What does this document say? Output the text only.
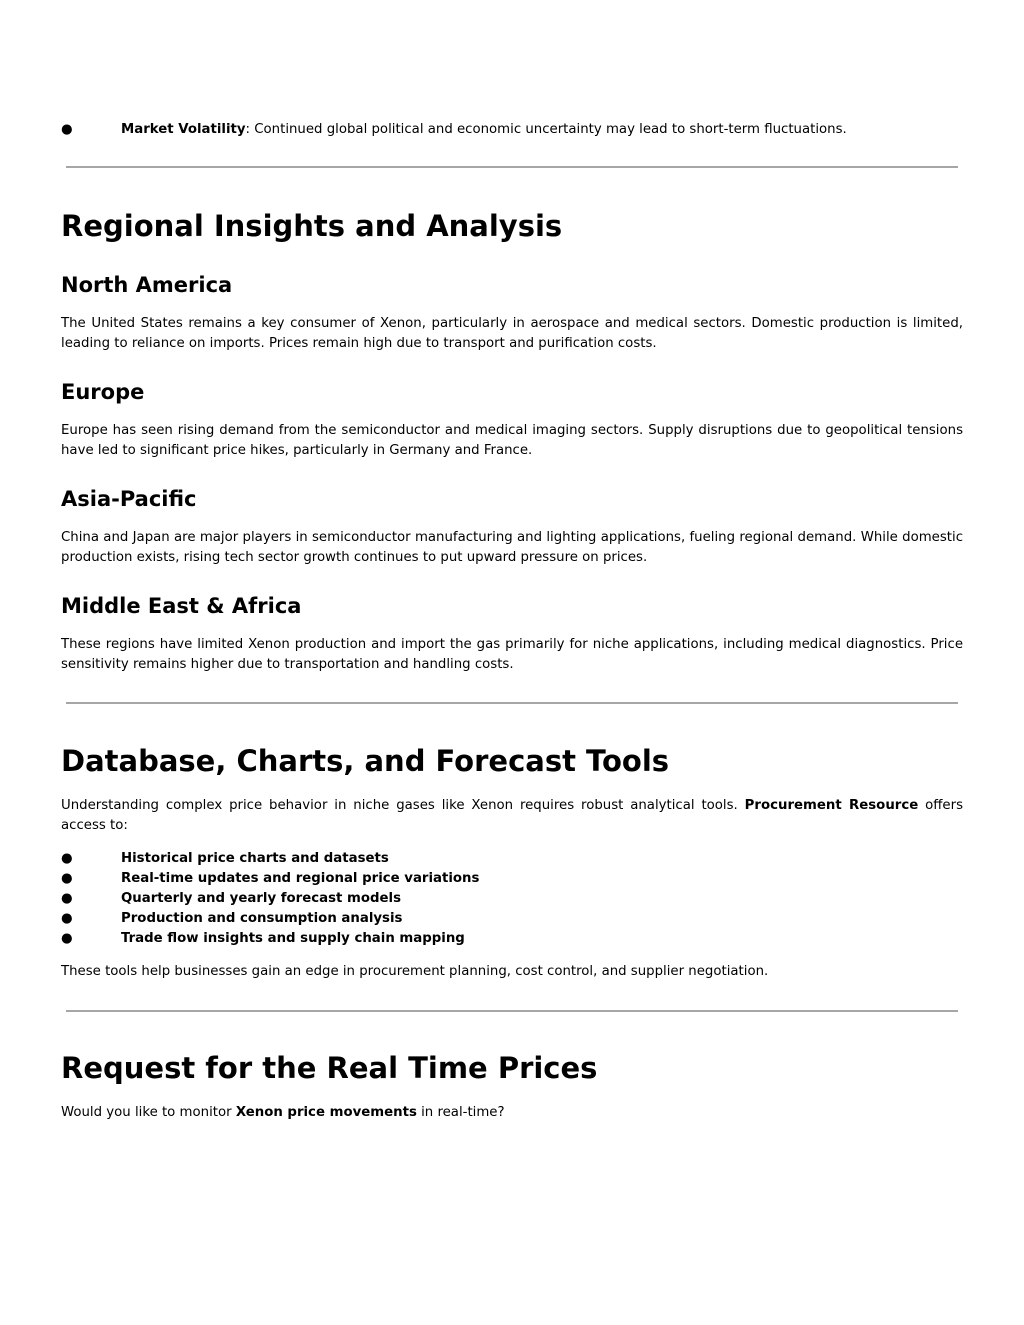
●	Market Volatility: Continued global political and economic uncertainty may lead to short-term fluctuations.
Regional Insights and Analysis
North America

The United States remains a key consumer of Xenon, particularly in aerospace and medical sectors. Domestic production is limited, leading to reliance on imports. Prices remain high due to transport and purification costs.

Europe

Europe has seen rising demand from the semiconductor and medical imaging sectors. Supply disruptions due to geopolitical tensions have led to significant price hikes, particularly in Germany and France.

Asia-Pacific

China and Japan are major players in semiconductor manufacturing and lighting applications, fueling regional demand. While domestic production exists, rising tech sector growth continues to put upward pressure on prices.

Middle East & Africa

These regions have limited Xenon production and import the gas primarily for niche applications, including medical diagnostics. Price sensitivity remains higher due to transportation and handling costs.

Database, Charts, and Forecast Tools

Understanding complex price behavior in niche gases like Xenon requires robust analytical tools. Procurement Resource offers access to:

●	Historical price charts and datasets
●	Real-time updates and regional price variations
●	Quarterly and yearly forecast models
●	Production and consumption analysis
●	Trade flow insights and supply chain mapping

These tools help businesses gain an edge in procurement planning, cost control, and supplier negotiation.

Request for the Real Time Prices

Would you like to monitor Xenon price movements in real-time?
